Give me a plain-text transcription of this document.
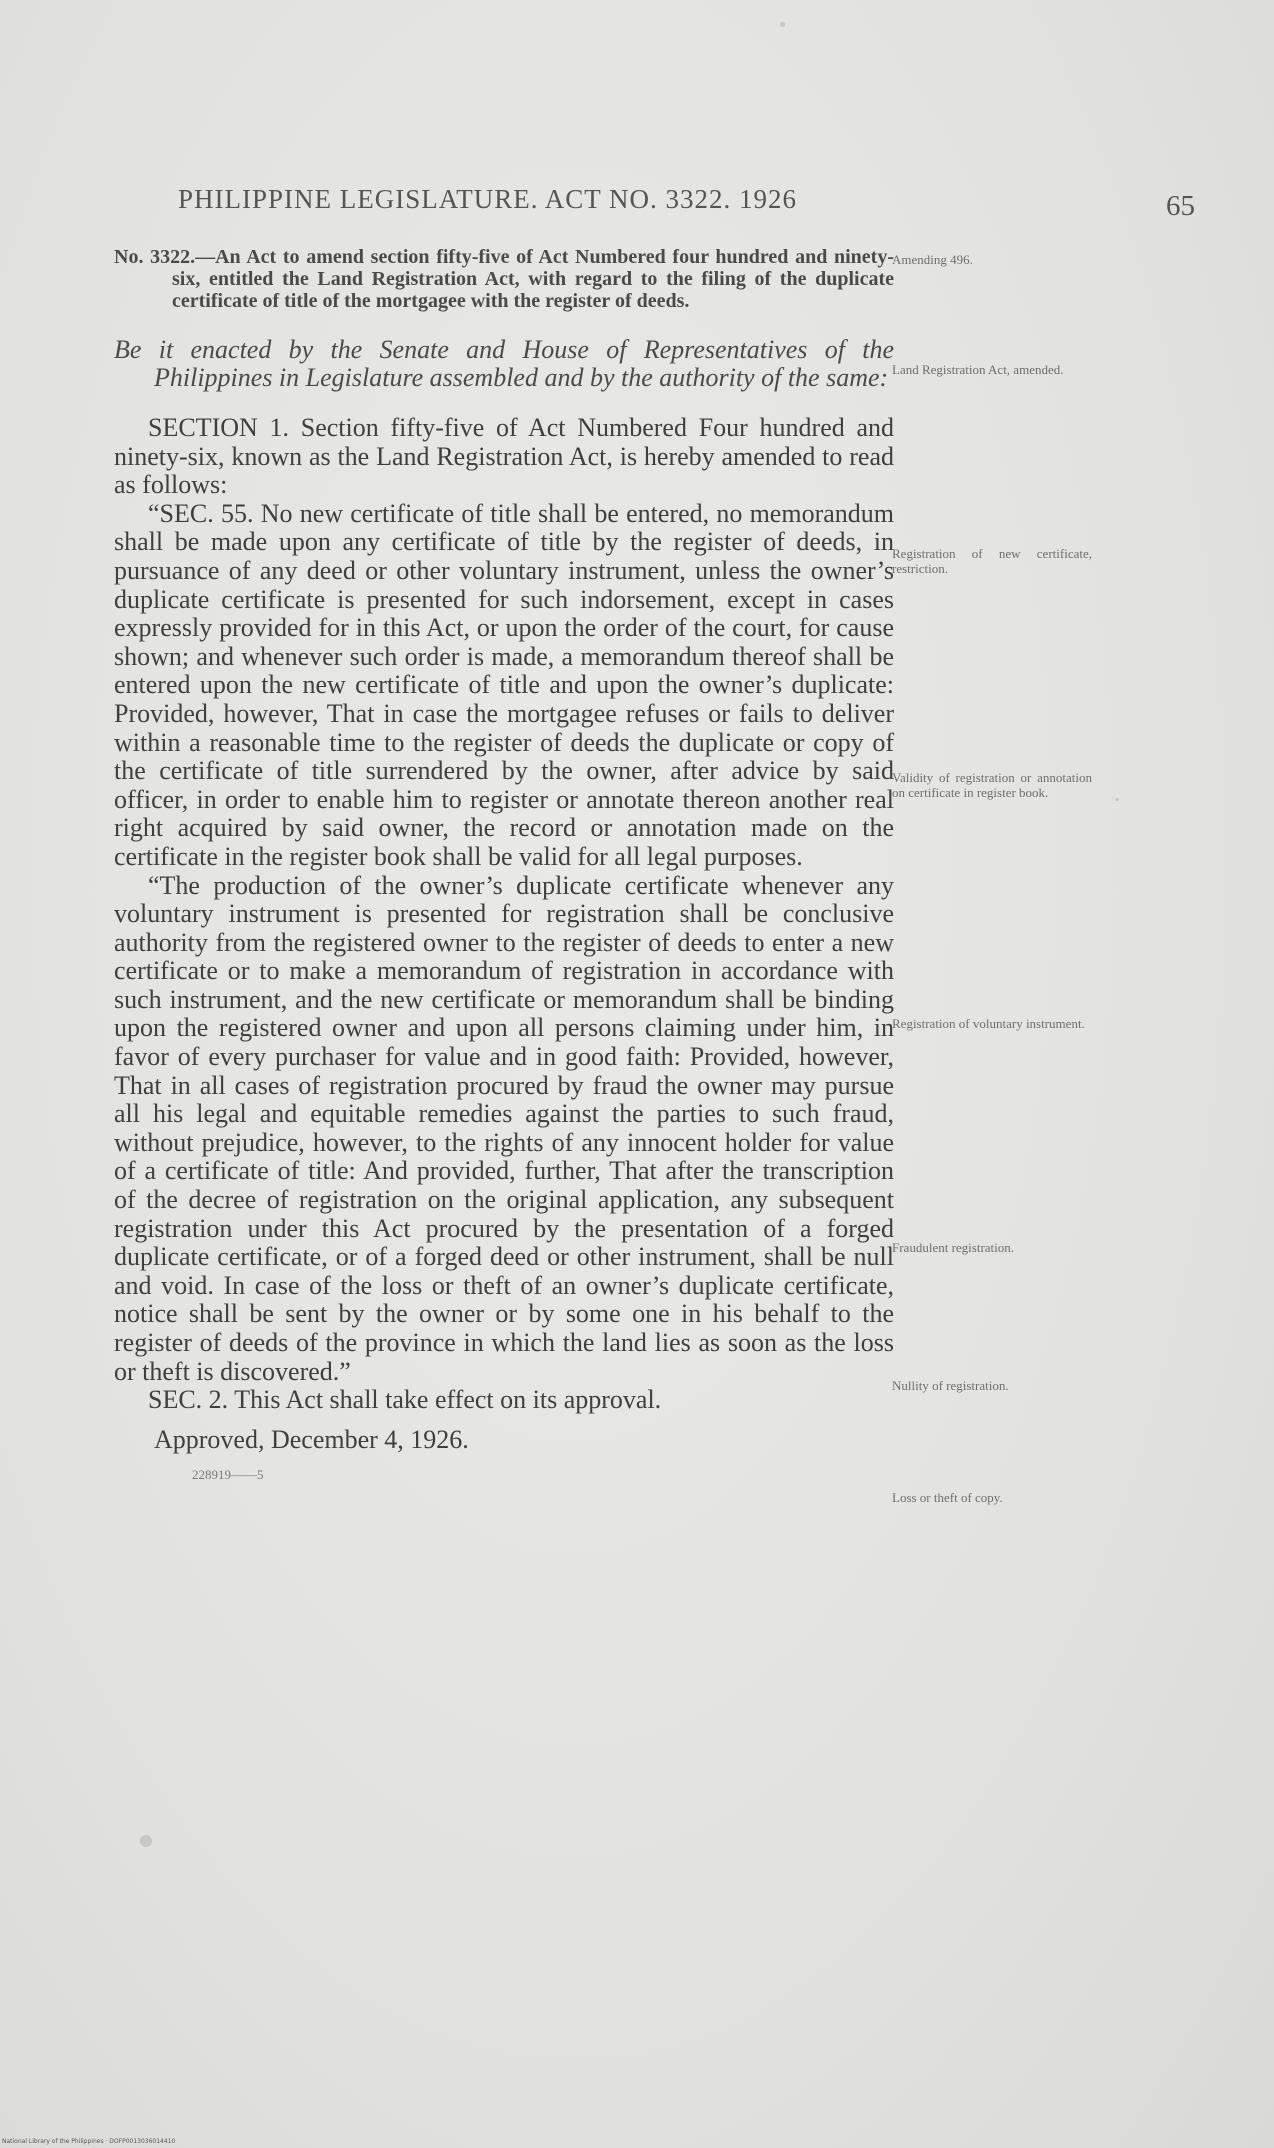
PHILIPPINE LEGISLATURE. ACT NO. 3322. 1926	65
No. 3322.—An Act to amend section fifty-five of Act Numbered four hundred and ninety-six, entitled the Land Registration Act, with regard to the filing of the duplicate certificate of title of the mortgagee with the register of deeds.
Be it enacted by the Senate and House of Representatives of the Philippines in Legislature assembled and by the authority of the same:

SECTION 1. Section fifty-five of Act Numbered Four hundred and ninety-six, known as the Land Registration Act, is hereby amended to read as follows:

“SEC. 55. No new certificate of title shall be entered, no memorandum shall be made upon any certificate of title by the register of deeds, in pursuance of any deed or other voluntary instrument, unless the owner’s duplicate certificate is presented for such indorsement, except in cases expressly provided for in this Act, or upon the order of the court, for cause shown; and whenever such order is made, a memorandum thereof shall be entered upon the new certificate of title and upon the owner’s duplicate: Provided, however, That in case the mortgagee refuses or fails to deliver within a reasonable time to the register of deeds the duplicate or copy of the certificate of title surrendered by the owner, after advice by said officer, in order to enable him to register or annotate thereon another real right acquired by said owner, the record or annotation made on the certificate in the register book shall be valid for all legal purposes.

“The production of the owner’s duplicate certificate whenever any voluntary instrument is presented for registration shall be conclusive authority from the registered owner to the register of deeds to enter a new certificate or to make a memorandum of registration in accordance with such instrument, and the new certificate or memorandum shall be binding upon the registered owner and upon all persons claiming under him, in favor of every purchaser for value and in good faith: Provided, however, That in all cases of registration procured by fraud the owner may pursue all his legal and equitable remedies against the parties to such fraud, without prejudice, however, to the rights of any innocent holder for value of a certificate of title: And provided, further, That after the transcription of the decree of registration on the original application, any subsequent registration under this Act procured by the presentation of a forged duplicate certificate, or of a forged deed or other instrument, shall be null and void. In case of the loss or theft of an owner’s duplicate certificate, notice shall be sent by the owner or by some one in his behalf to the register of deeds of the province in which the land lies as soon as the loss or theft is discovered.”

SEC. 2. This Act shall take effect on its approval.

Approved, December 4, 1926.

228919——5
Amending 496.
Land Registration Act, amended.
Registration of new certificate, restriction.
Validity of registration or annotation on certificate in register book.
Registration of voluntary instrument.
Fraudulent registration.
Nullity of registration.
Loss or theft of copy.
National Library of the Philippines · DOFP0013036014410
